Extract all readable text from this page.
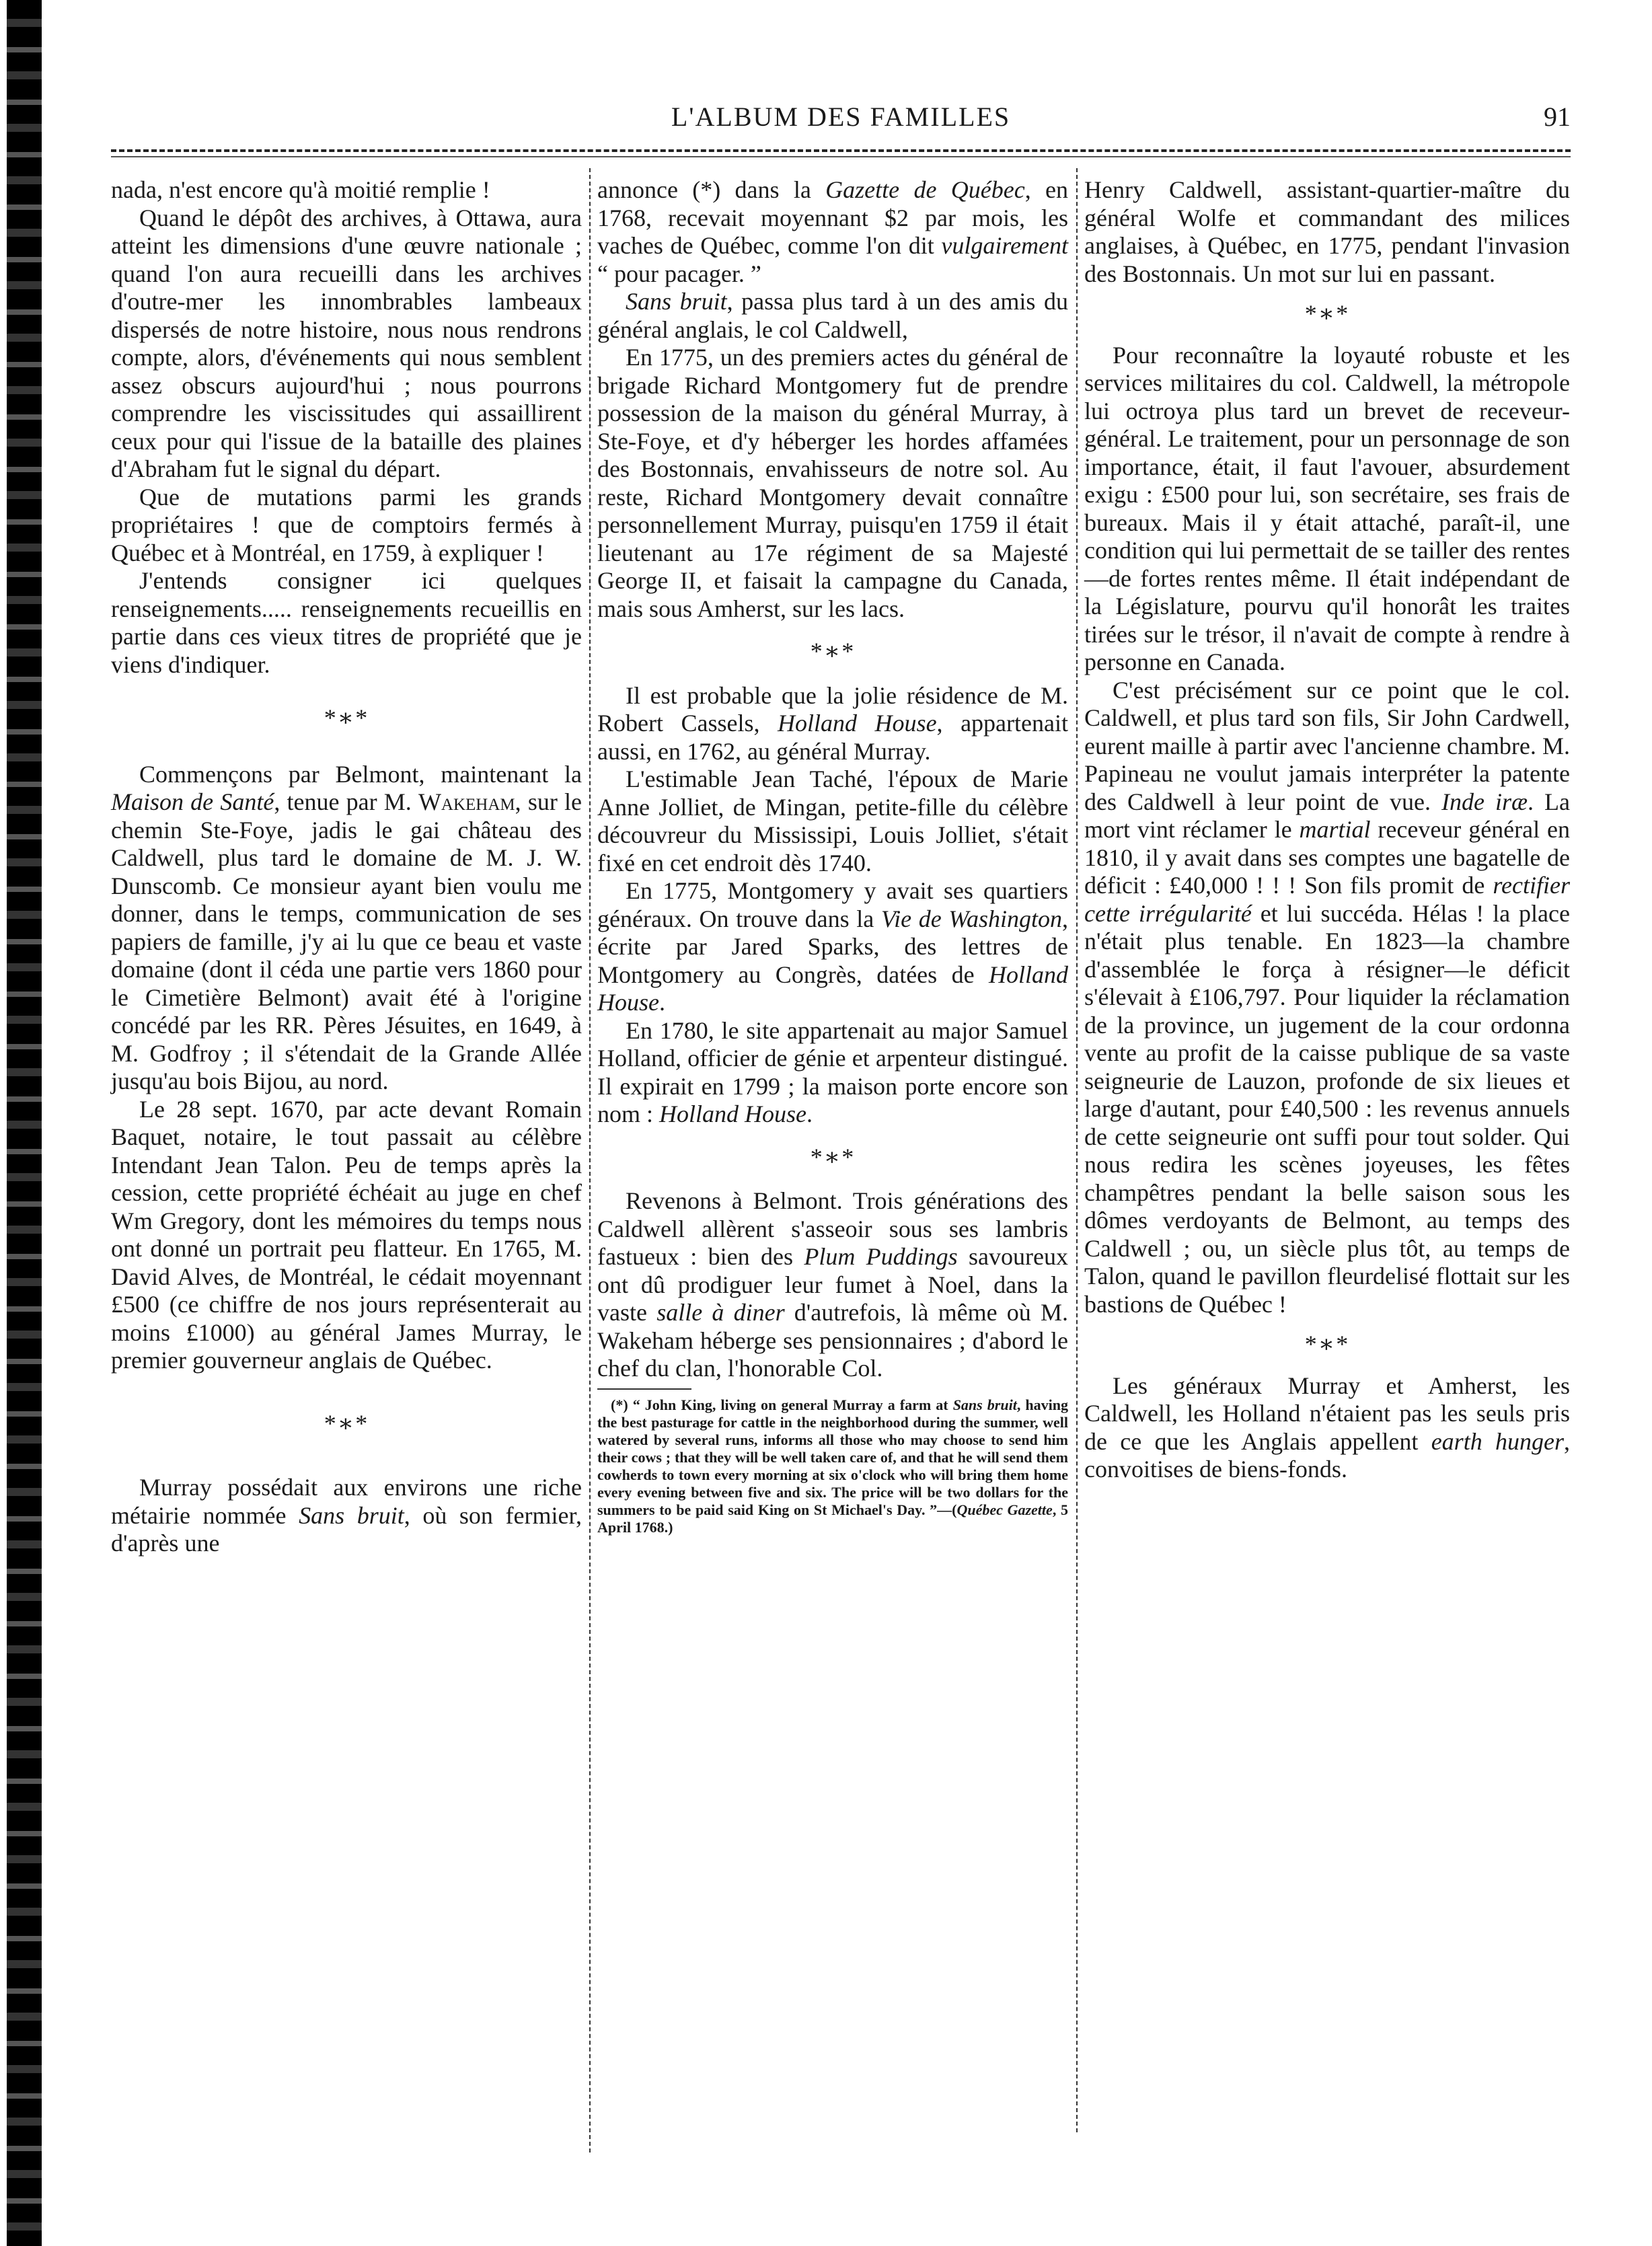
L'ALBUM DES FAMILLES	91

nada, n'est encore qu'à moitié remplie !

Quand le dépôt des archives, à Ottawa, aura atteint les dimensions d'une œuvre nationale ; quand l'on aura recueilli dans les archives d'outre-mer les innombrables lambeaux dispersés de notre histoire, nous nous rendrons compte, alors, d'événements qui nous semblent assez obscurs aujourd'hui ; nous pourrons comprendre les viscissitudes qui assaillirent ceux pour qui l'issue de la bataille des plaines d'Abraham fut le signal du départ.

Que de mutations parmi les grands propriétaires ! que de comptoirs fermés à Québec et à Montréal, en 1759, à expliquer !

J'entends consigner ici quelques renseignements..... renseignements recueillis en partie dans ces vieux titres de propriété que je viens d'indiquer.

*∗*

Commençons par Belmont, maintenant la Maison de Santé, tenue par M. Wakeham, sur le chemin Ste-Foye, jadis le gai château des Caldwell, plus tard le domaine de M. J. W. Dunscomb. Ce monsieur ayant bien voulu me donner, dans le temps, communication de ses papiers de famille, j'y ai lu que ce beau et vaste domaine (dont il céda une partie vers 1860 pour le Cimetière Belmont) avait été à l'origine concédé par les RR. Pères Jésuites, en 1649, à M. Godfroy ; il s'étendait de la Grande Allée jusqu'au bois Bijou, au nord.

Le 28 sept. 1670, par acte devant Romain Baquet, notaire, le tout passait au célèbre Intendant Jean Talon. Peu de temps après la cession, cette propriété échéait au juge en chef Wm Gregory, dont les mémoires du temps nous ont donné un portrait peu flatteur. En 1765, M. David Alves, de Montréal, le cédait moyennant £500 (ce chiffre de nos jours représenterait au moins £1000) au général James Murray, le premier gouverneur anglais de Québec.

*∗*

Murray possédait aux environs une riche métairie nommée Sans bruit, où son fermier, d'après une

annonce (*) dans la Gazette de Québec, en 1768, recevait moyennant $2 par mois, les vaches de Québec, comme l'on dit vulgairement “ pour pacager. ”

Sans bruit, passa plus tard à un des amis du général anglais, le col Caldwell,

En 1775, un des premiers actes du général de brigade Richard Montgomery fut de prendre possession de la maison du général Murray, à Ste-Foye, et d'y héberger les hordes affamées des Bostonnais, envahisseurs de notre sol. Au reste, Richard Montgomery devait connaître personnellement Murray, puisqu'en 1759 il était lieutenant au 17e régiment de sa Majesté George II, et faisait la campagne du Canada, mais sous Amherst, sur les lacs.

*∗*

Il est probable que la jolie résidence de M. Robert Cassels, Holland House, appartenait aussi, en 1762, au général Murray.

L'estimable Jean Taché, l'époux de Marie Anne Jolliet, de Mingan, petite-fille du célèbre découvreur du Mississipi, Louis Jolliet, s'était fixé en cet endroit dès 1740.

En 1775, Montgomery y avait ses quartiers généraux. On trouve dans la Vie de Washington, écrite par Jared Sparks, des lettres de Montgomery au Congrès, datées de Holland House.

En 1780, le site appartenait au major Samuel Holland, officier de génie et arpenteur distingué. Il expirait en 1799 ; la maison porte encore son nom : Holland House.

*∗*

Revenons à Belmont. Trois générations des Caldwell allèrent s'asseoir sous ses lambris fastueux : bien des Plum Puddings savoureux ont dû prodiguer leur fumet à Noel, dans la vaste salle à diner d'autrefois, là même où M. Wakeham héberge ses pensionnaires ; d'abord le chef du clan, l'honorable Col.

(*) “ John King, living on general Murray a farm at Sans bruit, having the best pasturage for cattle in the neighborhood during the summer, well watered by several runs, informs all those who may choose to send him their cows ; that they will be well taken care of, and that he will send them cowherds to town every morning at six o'clock who will bring them home every evening between five and six. The price will be two dollars for the summers to be paid said King on St Michael's Day. ”—(Québec Gazette, 5 April 1768.)

Henry Caldwell, assistant-quartier-maître du général Wolfe et commandant des milices anglaises, à Québec, en 1775, pendant l'invasion des Bostonnais. Un mot sur lui en passant.

*∗*

Pour reconnaître la loyauté robuste et les services militaires du col. Caldwell, la métropole lui octroya plus tard un brevet de receveur-général. Le traitement, pour un personnage de son importance, était, il faut l'avouer, absurdement exigu : £500 pour lui, son secrétaire, ses frais de bureaux. Mais il y était attaché, paraît-il, une condition qui lui permettait de se tailler des rentes—de fortes rentes même. Il était indépendant de la Législature, pourvu qu'il honorât les traites tirées sur le trésor, il n'avait de compte à rendre à personne en Canada.

C'est précisément sur ce point que le col. Caldwell, et plus tard son fils, Sir John Cardwell, eurent maille à partir avec l'ancienne chambre. M. Papineau ne voulut jamais interpréter la patente des Caldwell à leur point de vue. Inde iræ. La mort vint réclamer le martial receveur général en 1810, il y avait dans ses comptes une bagatelle de déficit : £40,000 ! ! ! Son fils promit de rectifier cette irrégularité et lui succéda. Hélas ! la place n'était plus tenable. En 1823—la chambre d'assemblée le força à résigner—le déficit s'élevait à £106,797. Pour liquider la réclamation de la province, un jugement de la cour ordonna vente au profit de la caisse publique de sa vaste seigneurie de Lauzon, profonde de six lieues et large d'autant, pour £40,500 : les revenus annuels de cette seigneurie ont suffi pour tout solder. Qui nous redira les scènes joyeuses, les fêtes champêtres pendant la belle saison sous les dômes verdoyants de Belmont, au temps des Caldwell ; ou, un siècle plus tôt, au temps de Talon, quand le pavillon fleurdelisé flottait sur les bastions de Québec !

*∗*

Les généraux Murray et Amherst, les Caldwell, les Holland n'étaient pas les seuls pris de ce que les Anglais appellent earth hunger, convoitises de biens-fonds.
